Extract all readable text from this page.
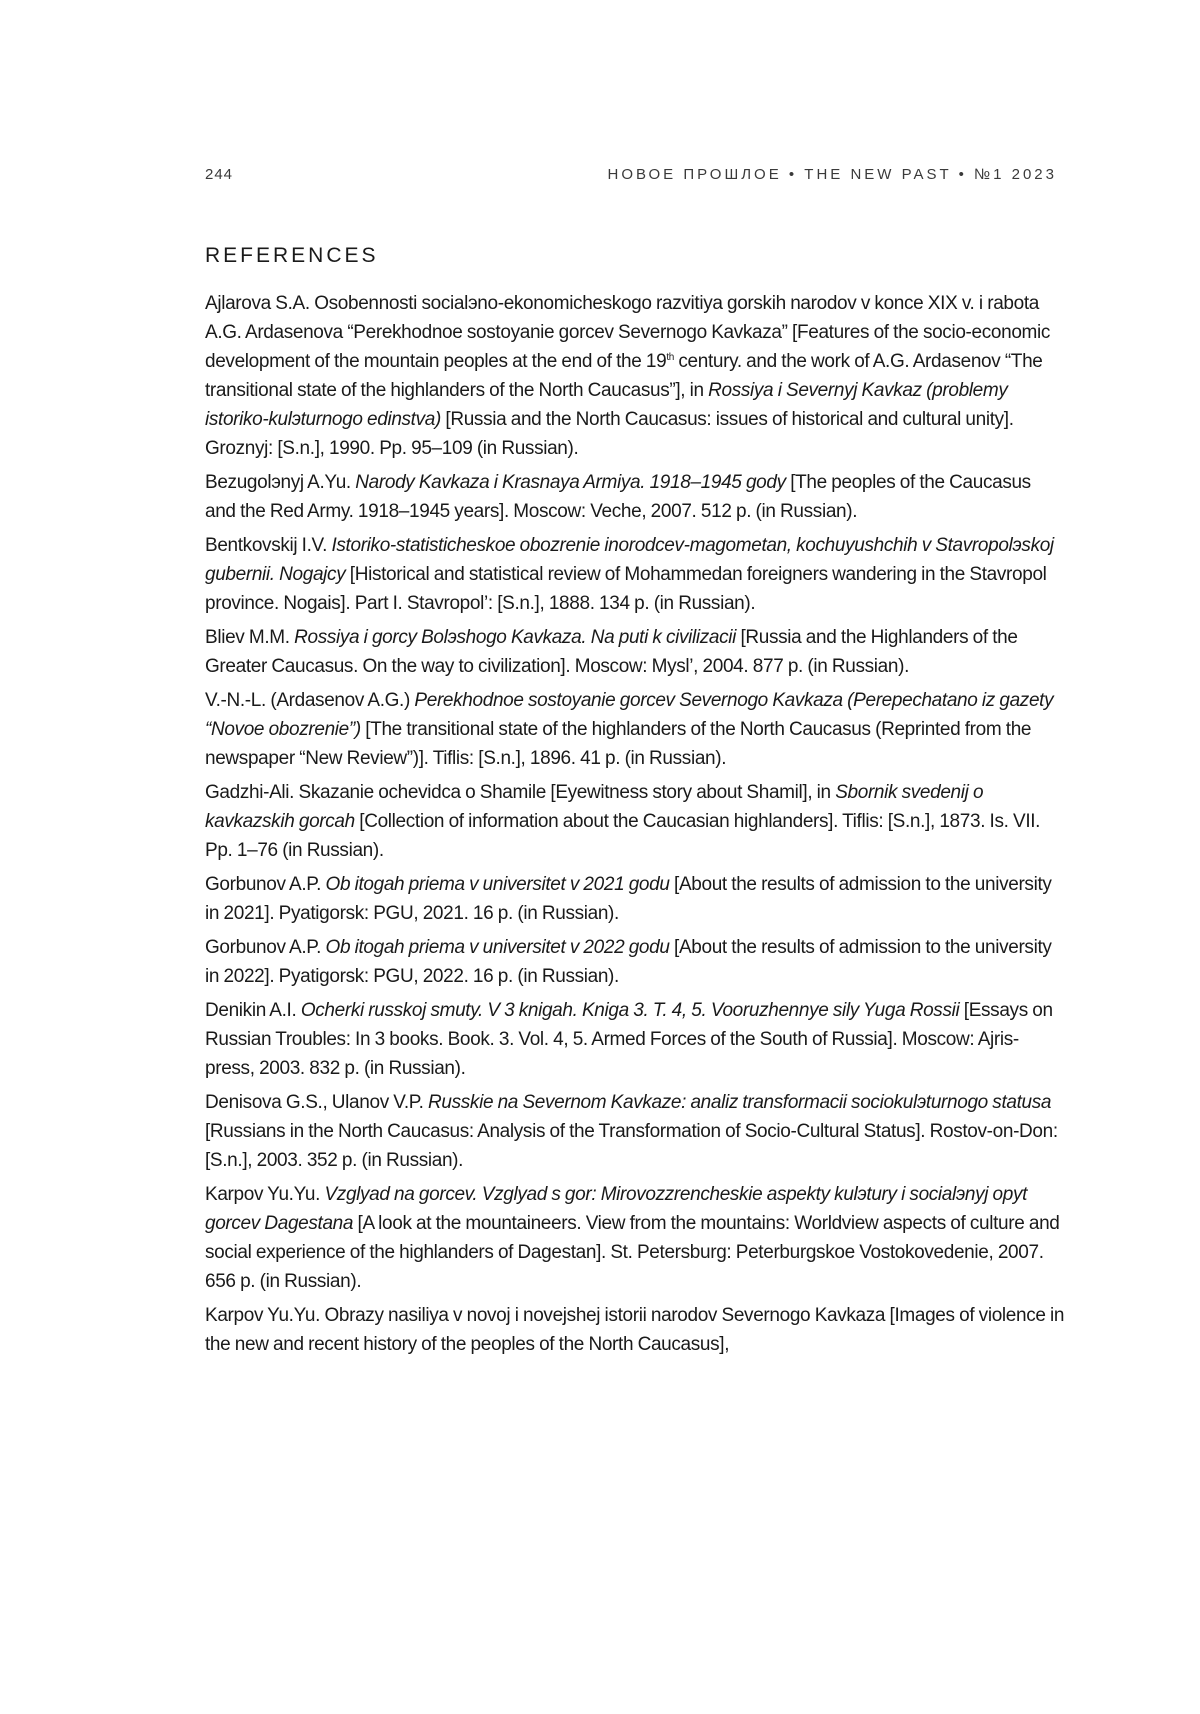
244	НОВОЕ ПРОШЛОЕ • THE NEW PAST • №1 2023
REFERENCES

Ajlarova S.A. Osobennosti socialэno-ekonomicheskogo razvitiya gorskih narodov v konce XIX v. i rabota A.G. Ardasenova “Perekhodnoe sostoyanie gorcev Severnogo Kavkaza” [Features of the socio-economic development of the mountain peoples at the end of the 19th century. and the work of A.G. Ardasenov “The transitional state of the highlanders of the North Caucasus”], in Rossiya i Severnyj Kavkaz (problemy istoriko-kulэturnogo edinst­va) [Russia and the North Caucasus: issues of historical and cultural unity]. Groznyj: [S.n.], 1990. Pp. 95–109 (in Russian).

Bezugolэnyj A.Yu. Narody Kavkaza i Krasnaya Armiya. 1918–1945 gody [The peoples of the Caucasus and the Red Army. 1918–1945 years]. Moscow: Veche, 2007. 512 p. (in Russian).

Bentkovskij I.V. Istoriko-statisticheskoe obozrenie inorodcev-magometan, kochuyushchih v Stavropolэskoj gubernii. Nogajcy [Historical and statistical review of Mohammedan foreigners wandering in the Stavropol province. Nogais]. Part I. Stavropol’: [S.n.], 1888. 134 p. (in Russian).

Bliev M.M. Rossiya i gorcy Bolэshogo Kavkaza. Na puti k civilizacii [Russia and the High­landers of the Greater Caucasus. On the way to civilization]. Moscow: Mysl’, 2004. 877 p. (in Russian).

V.-N.-L. (Ardasenov A.G.) Perekhodnoe sostoyanie gorcev Severnogo Kavkaza (Perepe­chatano iz gazety “Novoe obozrenie”) [The transitional state of the highlanders of the North Caucasus (Reprinted from the newspaper “New Review”)]. Tiflis: [S.n.], 1896. 41 p. (in Russian).

Gadzhi-Ali. Skazanie ochevidca o Shamile [Eyewitness story about Shamil], in Sbornik svedenij o kavkazskih gorcah [Collection of information about the Caucasian highlanders]. Tiflis: [S.n.], 1873. Is. VII. Pp. 1–76 (in Russian).

Gorbunov A.P. Ob itogah priema v universitet v 2021 godu [About the results of admission to the university in 2021]. Pyatigorsk: PGU, 2021. 16 p. (in Russian).

Gorbunov A.P. Ob itogah priema v universitet v 2022 godu [About the results of admission to the university in 2022]. Pyatigorsk: PGU, 2022. 16 p. (in Russian).

Denikin A.I. Ocherki russkoj smuty. V 3 knigah. Kniga 3. T. 4, 5. Vooruzhennye sily Yuga Rossii [Essays on Russian Troubles: In 3 books. Book. 3. Vol. 4, 5. Armed Forces of the South of Russia]. Moscow: Ajris-press, 2003. 832 p. (in Russian).

Denisova G.S., Ulanov V.P. Russkie na Severnom Kavkaze: analiz transformacii sociokulэturnogo statusa [Russians in the North Caucasus: Analysis of the Transformation of Socio-Cultural Status]. Rostov-on-Don: [S.n.], 2003. 352 p. (in Russian).

Karpov Yu.Yu. Vzglyad na gorcev. Vzglyad s gor: Mirovozzrencheskie aspekty kulэtury i socialэnyj opyt gorcev Dagestana [A look at the mountaineers. View from the mountains: Worldview aspects of culture and social experience of the highlanders of Dagestan]. St. Petersburg: Peterburgskoe Vostokovedenie, 2007. 656 p. (in Russian).

Karpov Yu.Yu. Obrazy nasiliya v novoj i novejshej istorii narodov Severnogo Kavkaza [Images of violence in the new and recent history of the peoples of the North Caucasus],
